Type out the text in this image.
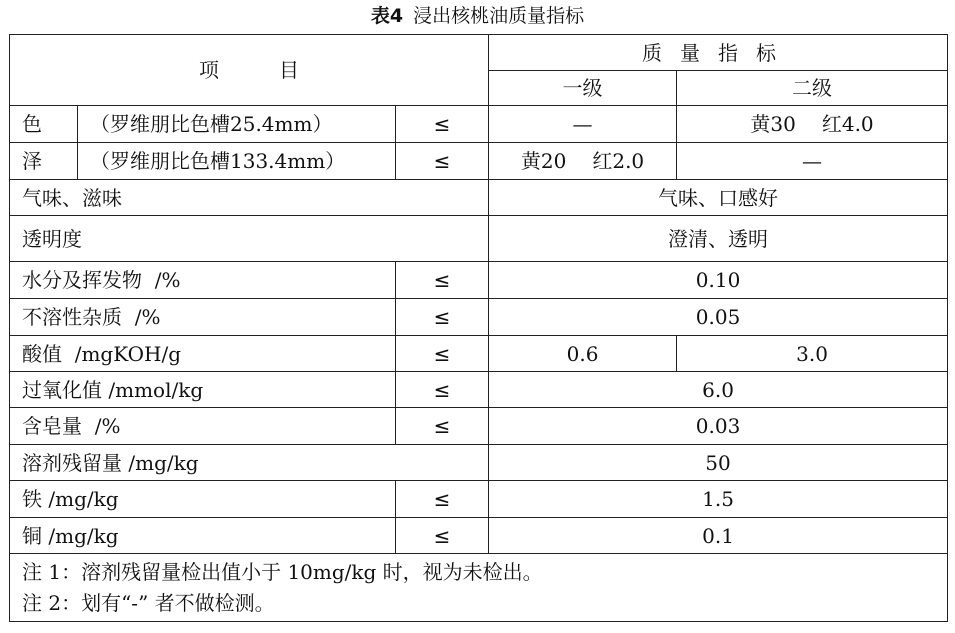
表4 浸出核桃油质量指标
项　　　目			质量指标	
			一级	二级
色	（罗维朋比色槽25.4mm）	≤	—	黄30 红4.0
泽	（罗维朋比色槽133.4mm）	≤	黄20 红2.0	—
气味、滋味			气味、口感好	
透明度			澄清、透明	
水分及挥发物 /%		≤	0.10	
不溶性杂质 /%		≤	0.05	
酸值 /mgKOH/g		≤	0.6	3.0
过氧化值 /mmol/kg		≤	6.0	
含皂量 /%		≤	0.03	
溶剂残留量 /mg/kg			50	
铁 /mg/kg		≤	1.5	
铜 /mg/kg		≤	0.1	

注 1：溶剂残留量检出值小于 10mg/kg 时，视为未检出。
注 2：划有“-” 者不做检测。				
